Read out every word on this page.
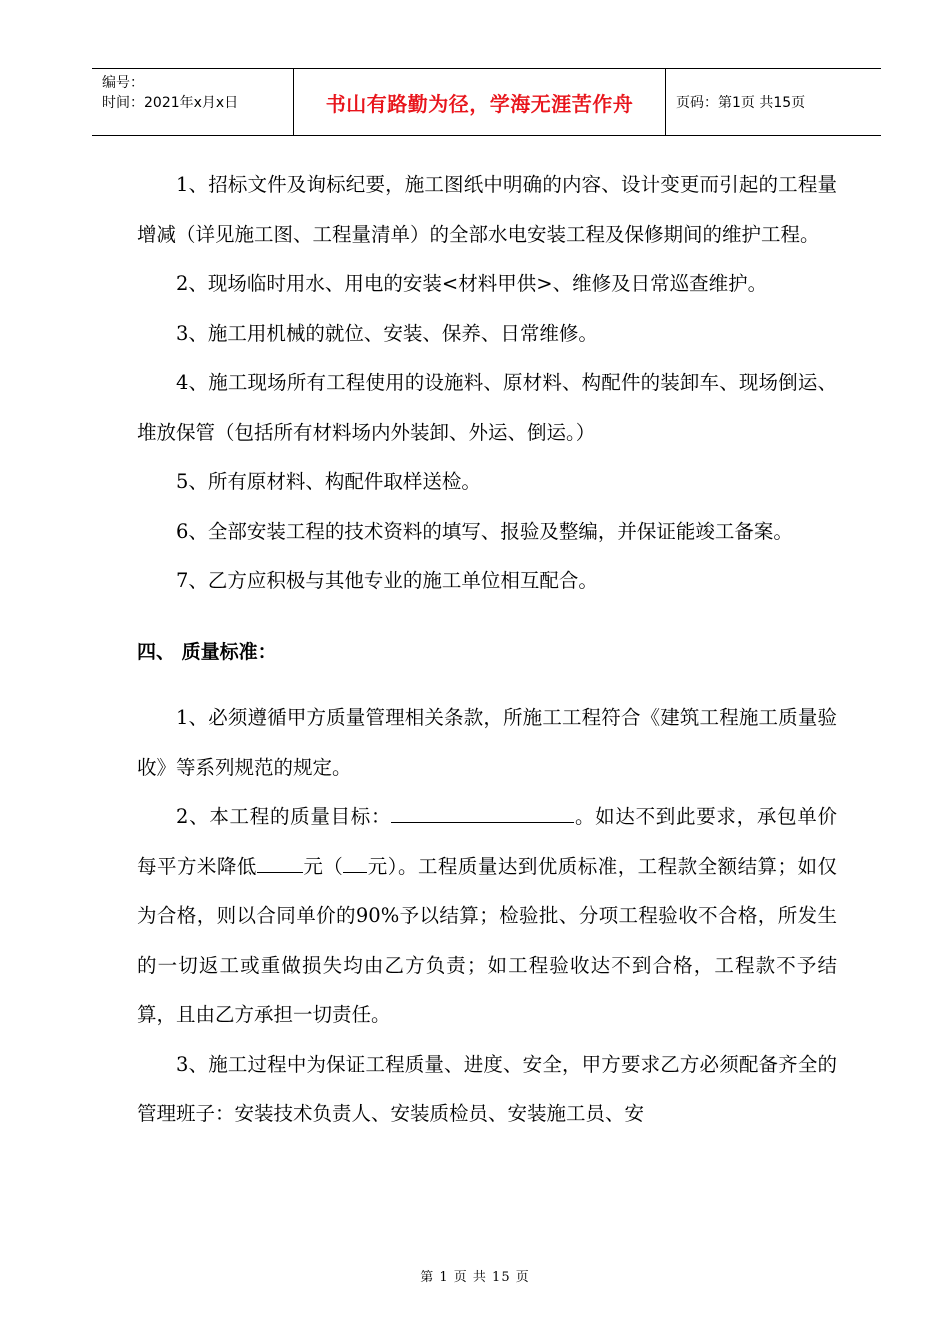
编号：
时间：2021年x月x日	书山有路勤为径，学海无涯苦作舟	页码：第1页 共15页

1、招标文件及询标纪要，施工图纸中明确的内容、设计变更而引起的工程量增减（详见施工图、工程量清单）的全部水电安装工程及保修期间的维护工程。

2、现场临时用水、用电的安装<材料甲供>、维修及日常巡查维护。

3、施工用机械的就位、安装、保养、日常维修。

4、施工现场所有工程使用的设施料、原材料、构配件的装卸车、现场倒运、堆放保管（包括所有材料场内外装卸、外运、倒运。）

5、所有原材料、构配件取样送检。

6、全部安装工程的技术资料的填写、报验及整编，并保证能竣工备案。

7、乙方应积极与其他专业的施工单位相互配合。

四、 质量标准：

1、必须遵循甲方质量管理相关条款，所施工工程符合《建筑工程施工质量验收》等系列规范的规定。

2、本工程的质量目标：	。如达不到此要求，承包单价每平方米降低 元（ 元）。工程质量达到优质标准，工程款全额结算；如仅为合格，则以合同单价的90%予以结算；检验批、分项工程验收不合格，所发生的一切返工或重做损失均由乙方负责；如工程验收达不到合格，工程款不予结算，且由乙方承担一切责任。

3、施工过程中为保证工程质量、进度、安全，甲方要求乙方必须配备齐全的管理班子：安装技术负责人、安装质检员、安装施工员、安

第 1 页 共 15 页
